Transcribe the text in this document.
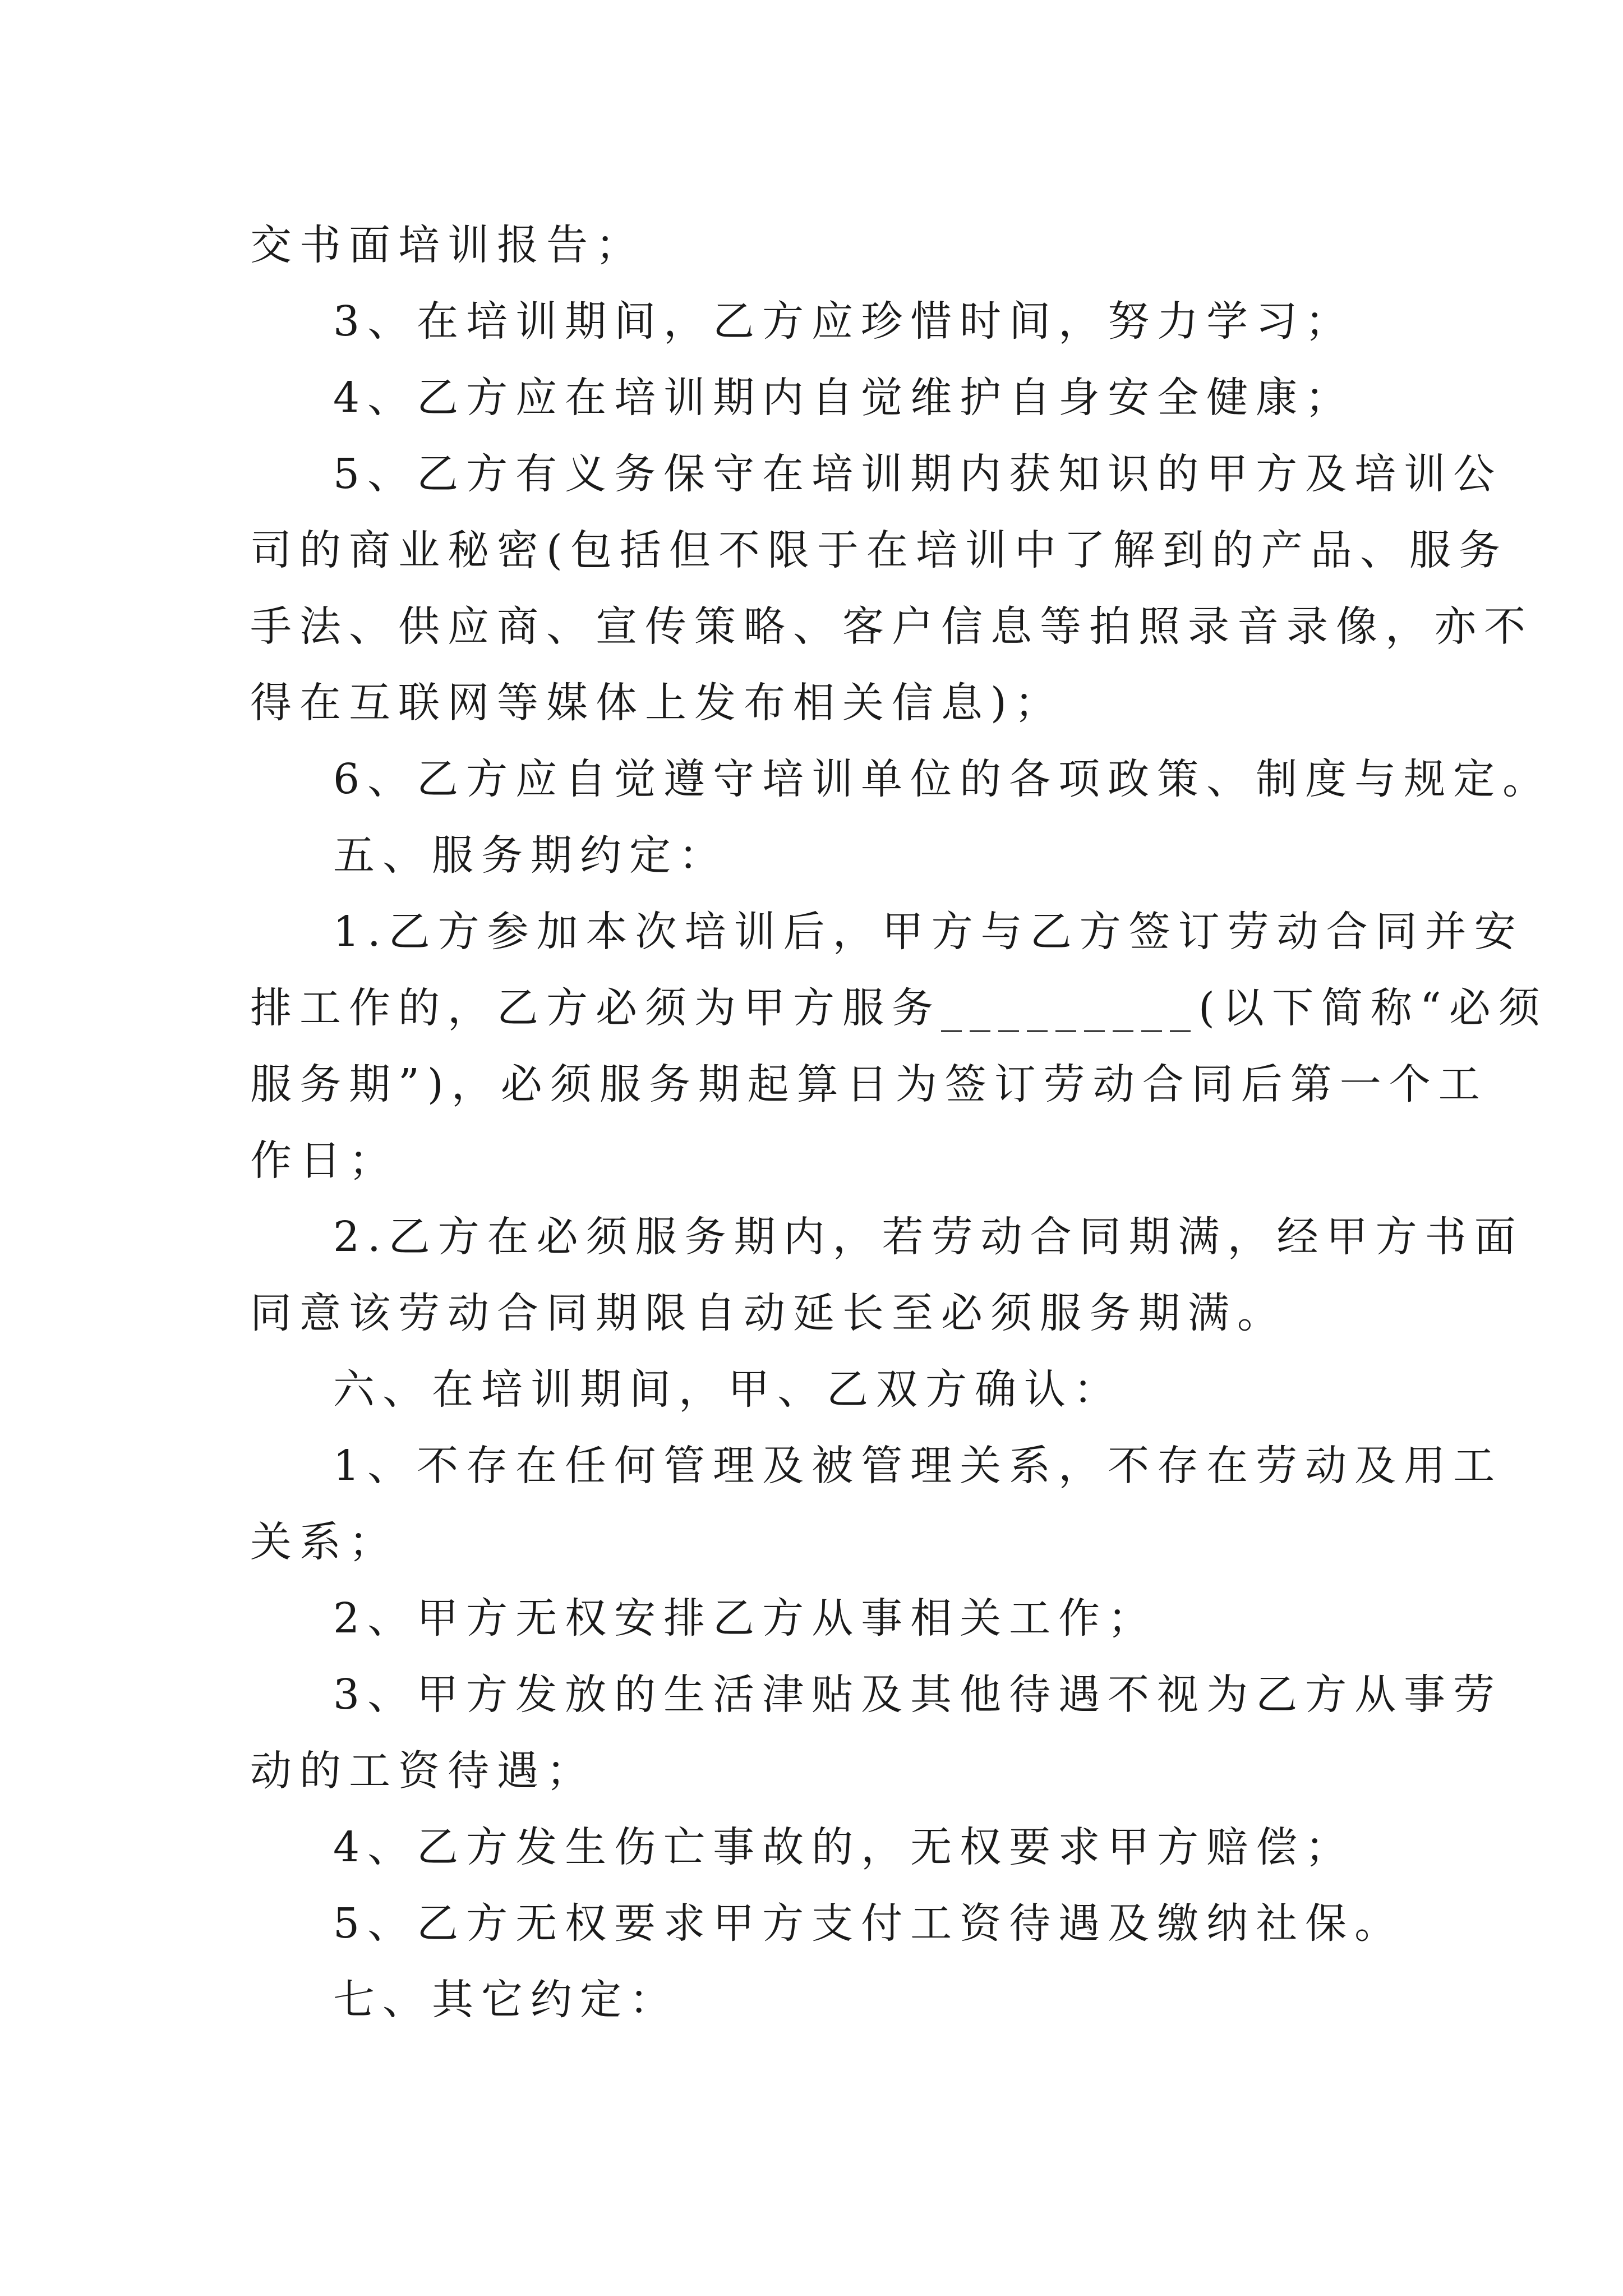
交书面培训报告；
3、在培训期间，乙方应珍惜时间，努力学习；
4、乙方应在培训期内自觉维护自身安全健康；
5、乙方有义务保守在培训期内获知识的甲方及培训公
司的商业秘密(包括但不限于在培训中了解到的产品、服务
手法、供应商、宣传策略、客户信息等拍照录音录像，亦不
得在互联网等媒体上发布相关信息)；
6、乙方应自觉遵守培训单位的各项政策、制度与规定。
五、服务期约定：
1.乙方参加本次培训后，甲方与乙方签订劳动合同并安
排工作的，乙方必须为甲方服务_________(以下简称“必须
服务期”)，必须服务期起算日为签订劳动合同后第一个工
作日；
2.乙方在必须服务期内，若劳动合同期满，经甲方书面
同意该劳动合同期限自动延长至必须服务期满。
六、在培训期间，甲、乙双方确认：
1、不存在任何管理及被管理关系，不存在劳动及用工
关系；
2、甲方无权安排乙方从事相关工作；
3、甲方发放的生活津贴及其他待遇不视为乙方从事劳
动的工资待遇；
4、乙方发生伤亡事故的，无权要求甲方赔偿；
5、乙方无权要求甲方支付工资待遇及缴纳社保。
七、其它约定：
